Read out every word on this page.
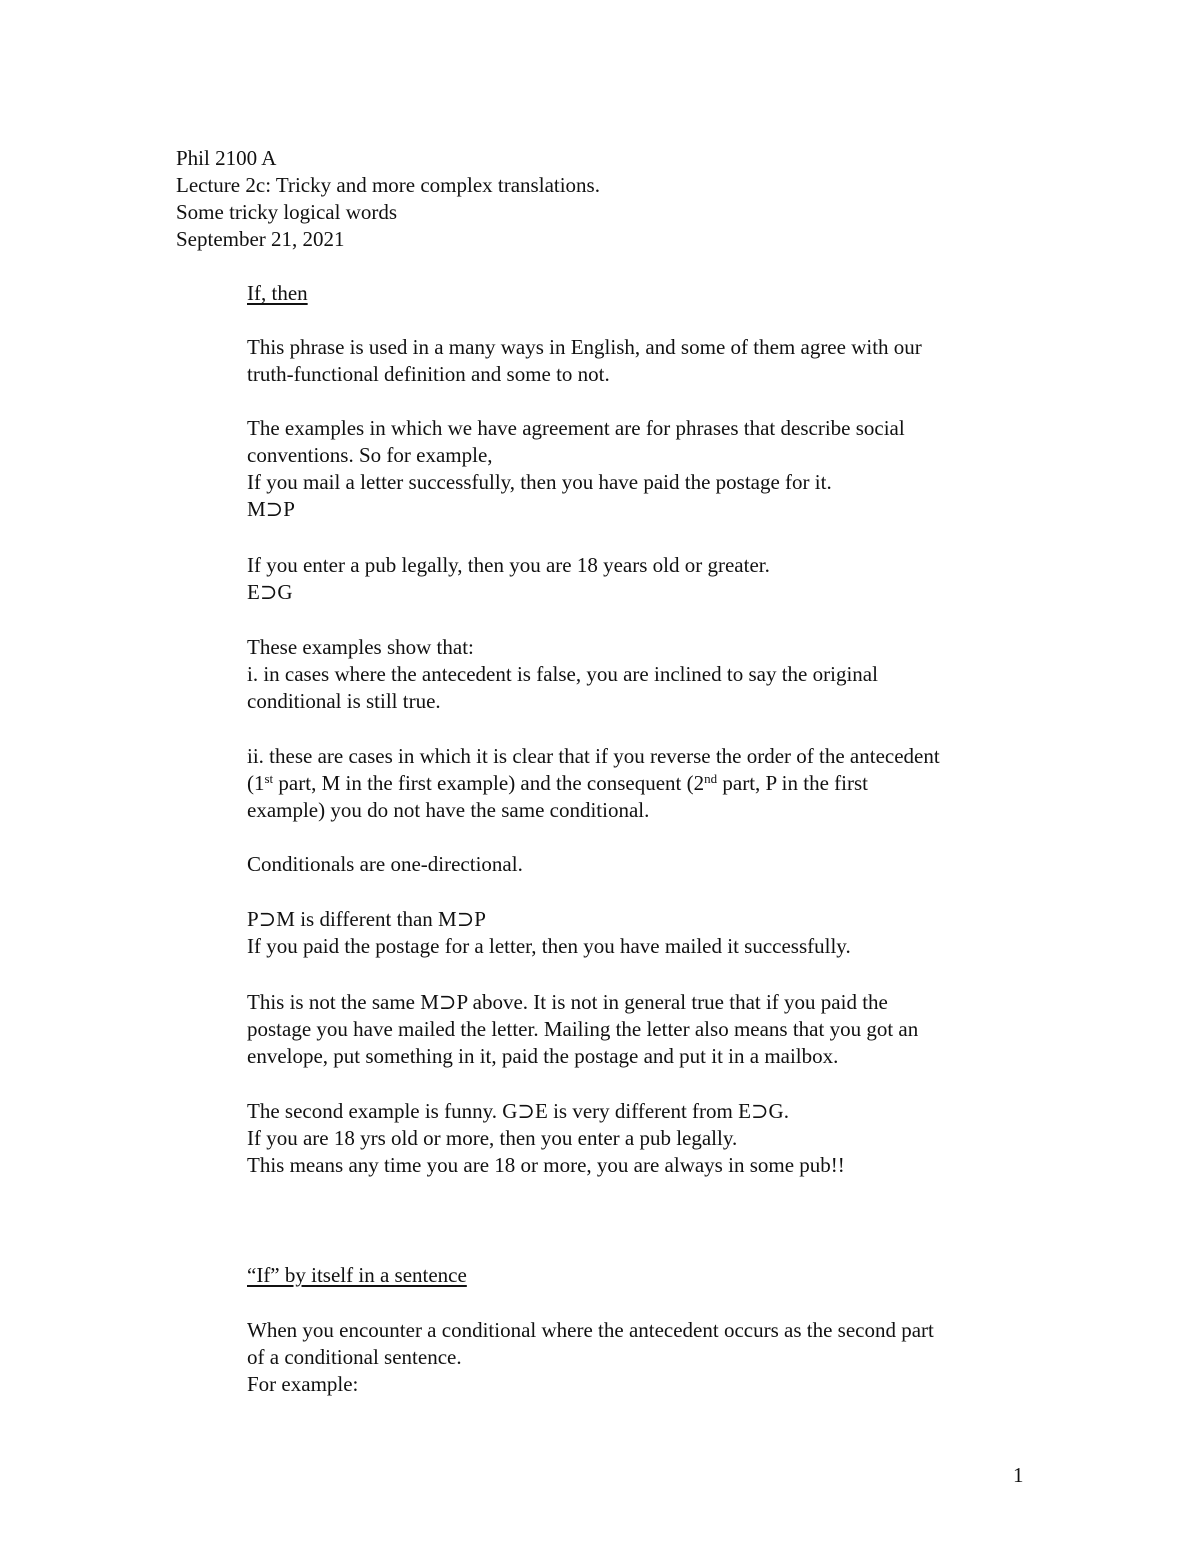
Phil 2100 A
Lecture 2c: Tricky and more complex translations.
Some tricky logical words
September 21, 2021
If, then
This phrase is used in a many ways in English, and some of them agree with our
truth-functional definition and some to not.
The examples in which we have agreement are for phrases that describe social
conventions. So for example,
If you mail a letter successfully, then you have paid the postage for it.
M⊃P
If you enter a pub legally, then you are 18 years old or greater.
E⊃G
These examples show that:
i. in cases where the antecedent is false, you are inclined to say the original
conditional is still true.
ii. these are cases in which it is clear that if you reverse the order of the antecedent
(1st part, M in the first example) and the consequent (2nd part, P in the first
example) you do not have the same conditional.
Conditionals are one-directional.
P⊃M is different than M⊃P
If you paid the postage for a letter, then you have mailed it successfully.
This is not the same M⊃P above. It is not in general true that if you paid the
postage you have mailed the letter. Mailing the letter also means that you got an
envelope, put something in it, paid the postage and put it in a mailbox.
The second example is funny. G⊃E is very different from E⊃G.
If you are 18 yrs old or more, then you enter a pub legally.
This means any time you are 18 or more, you are always in some pub!!
“If” by itself in a sentence
When you encounter a conditional where the antecedent occurs as the second part
of a conditional sentence.
For example:
1
